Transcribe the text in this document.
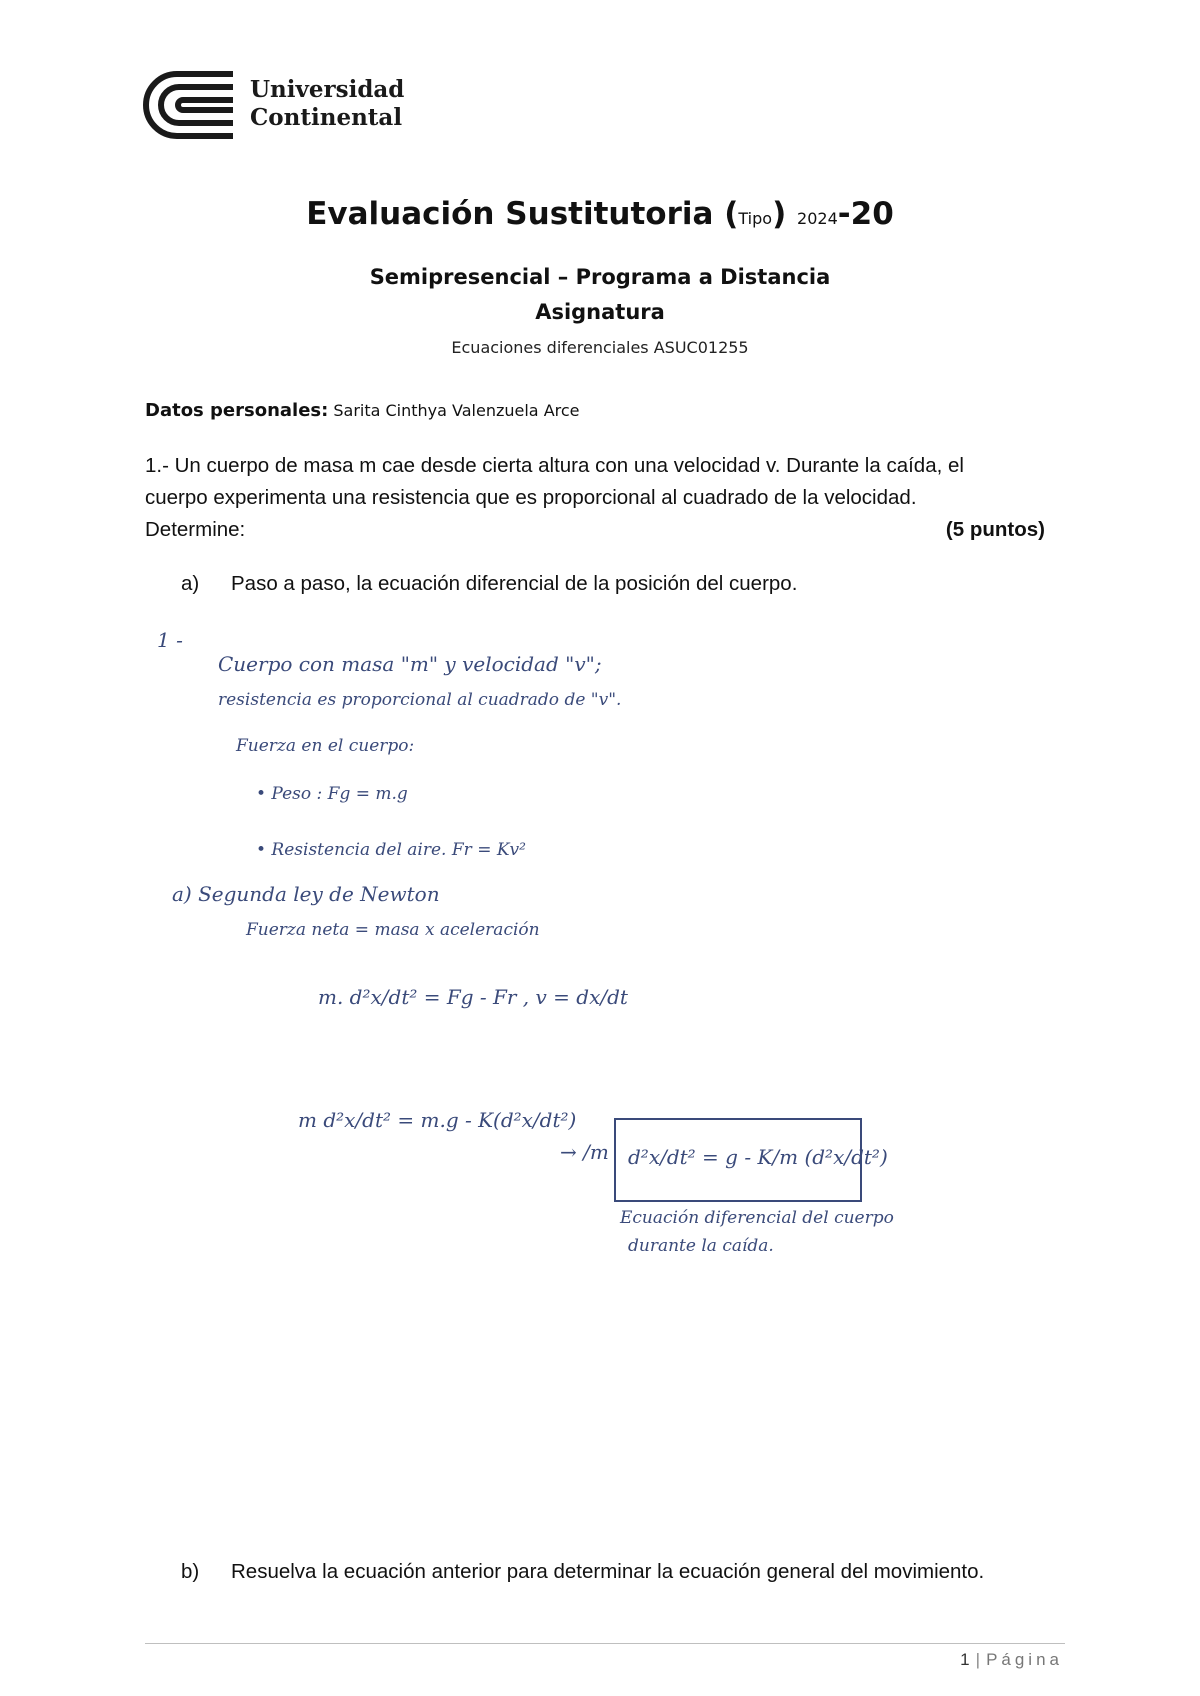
Universidad
Continental
Evaluación Sustitutoria (Tipo) 2024-20
Semipresencial – Programa a Distancia
Asignatura
Ecuaciones diferenciales ASUC01255
Datos personales: Sarita Cinthya Valenzuela Arce
1.- Un cuerpo de masa m cae desde cierta altura con una velocidad v. Durante la caída, el
cuerpo experimenta una resistencia que es proporcional al cuadrado de la velocidad.
Determine:	(5 puntos)
a) Paso a paso, la ecuación diferencial de la posición del cuerpo.
1 -
Cuerpo con masa "m" y velocidad "v";
resistencia es proporcional al cuadrado de "v".
Fuerza en el cuerpo:
• Peso : Fg = m.g
• Resistencia del aire. Fr = Kv²
a) Segunda ley de Newton
Fuerza neta = masa x aceleración
m. d²x/dt² = Fg - Fr , v = dx/dt
m d²x/dt² = m.g - K(d²x/dt²)
→ /m d²x/dt² = g - K/m (d²x/dt²)
Ecuación diferencial del cuerpo
durante la caída.
b) Resuelva la ecuación anterior para determinar la ecuación general del movimiento.
1 | Página
